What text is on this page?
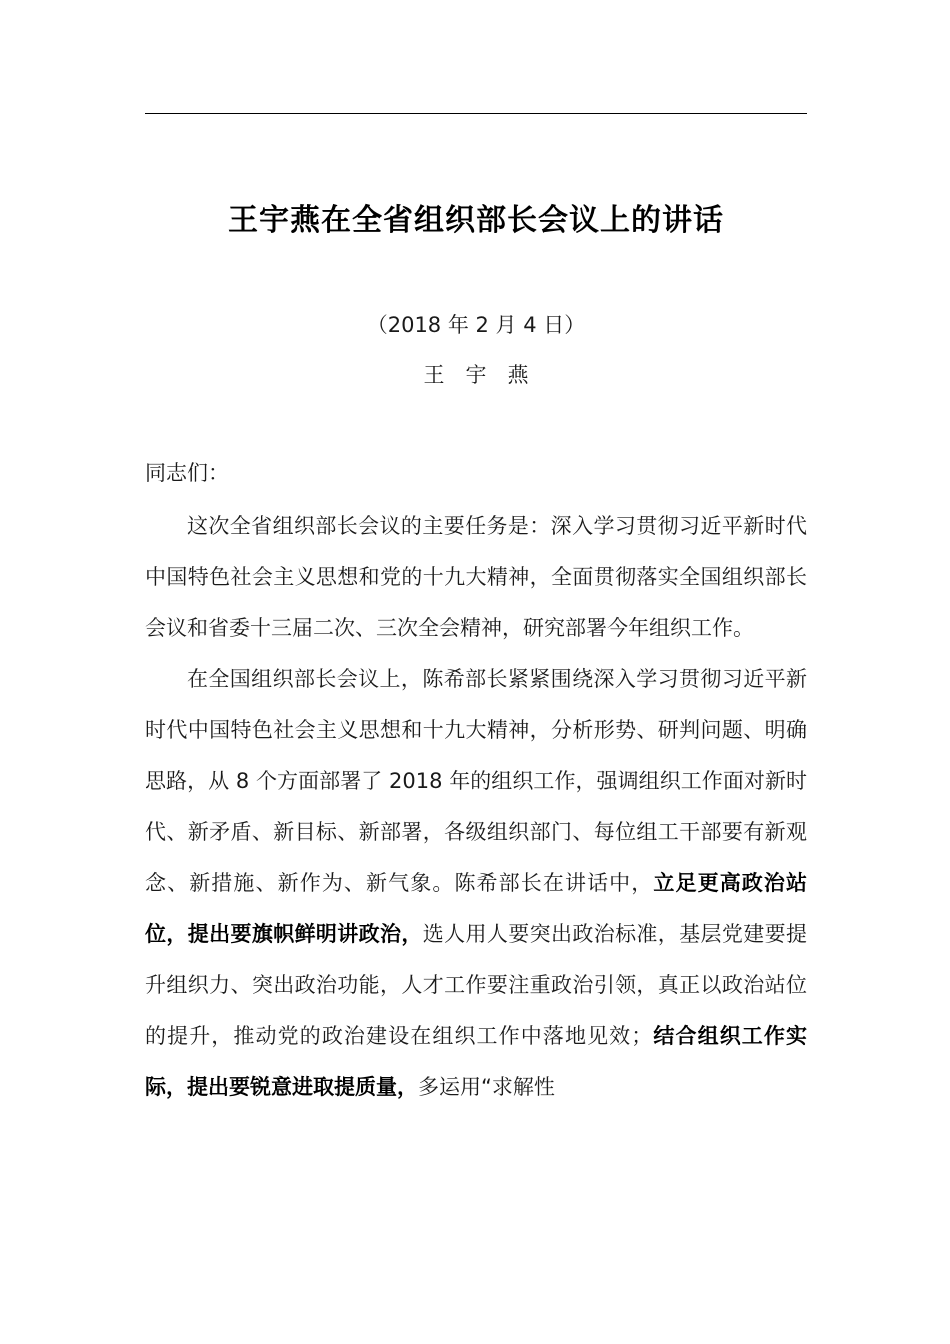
王宇燕在全省组织部长会议上的讲话
（2018 年 2 月 4 日）
王　宇　燕
同志们：

这次全省组织部长会议的主要任务是：深入学习贯彻习近平新时代中国特色社会主义思想和党的十九大精神，全面贯彻落实全国组织部长会议和省委十三届二次、三次全会精神，研究部署今年组织工作。

在全国组织部长会议上，陈希部长紧紧围绕深入学习贯彻习近平新时代中国特色社会主义思想和十九大精神，分析形势、研判问题、明确思路，从 8 个方面部署了 2018 年的组织工作，强调组织工作面对新时代、新矛盾、新目标、新部署，各级组织部门、每位组工干部要有新观念、新措施、新作为、新气象。陈希部长在讲话中，立足更高政治站位，提出要旗帜鲜明讲政治，选人用人要突出政治标准，基层党建要提升组织力、突出政治功能，人才工作要注重政治引领，真正以政治站位的提升，推动党的政治建设在组织工作中落地见效；结合组织工作实际，提出要锐意进取提质量，多运用“求解性
